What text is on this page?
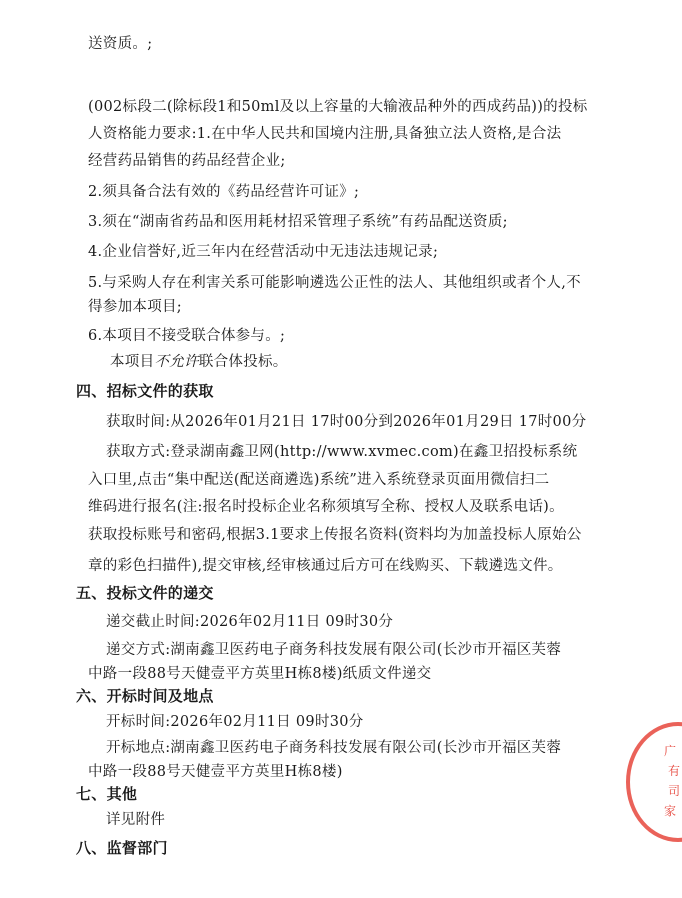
送资质。;
(002标段二(除标段1和50ml及以上容量的大输液品种外的西成药品))的投标
人资格能力要求:1.在中华人民共和国境内注册,具备独立法人资格,是合法
经营药品销售的药品经营企业;
2.须具备合法有效的《药品经营许可证》;
3.须在“湖南省药品和医用耗材招采管理子系统”有药品配送资质;
4.企业信誉好,近三年内在经营活动中无违法违规记录;
5.与采购人存在利害关系可能影响遴选公正性的法人、其他组织或者个人,不
得参加本项目;
6.本项目不接受联合体参与。;
本项目不允许联合体投标。
四、招标文件的获取
获取时间:从2026年01月21日 17时00分到2026年01月29日 17时00分
获取方式:登录湖南鑫卫网(http://www.xvmec.com)在鑫卫招投标系统
入口里,点击“集中配送(配送商遴选)系统”进入系统登录页面用微信扫二
维码进行报名(注:报名时投标企业名称须填写全称、授权人及联系电话)。
获取投标账号和密码,根据3.1要求上传报名资料(资料均为加盖投标人原始公
章的彩色扫描件),提交审核,经审核通过后方可在线购买、下载遴选文件。
五、投标文件的递交
递交截止时间:2026年02月11日 09时30分
递交方式:湖南鑫卫医药电子商务科技发展有限公司(长沙市开福区芙蓉
中路一段88号天健壹平方英里H栋8楼)纸质文件递交
六、开标时间及地点
开标时间:2026年02月11日 09时30分
开标地点:湖南鑫卫医药电子商务科技发展有限公司(长沙市开福区芙蓉
中路一段88号天健壹平方英里H栋8楼)
七、其他
详见附件
八、监督部门
广
有
司
家
